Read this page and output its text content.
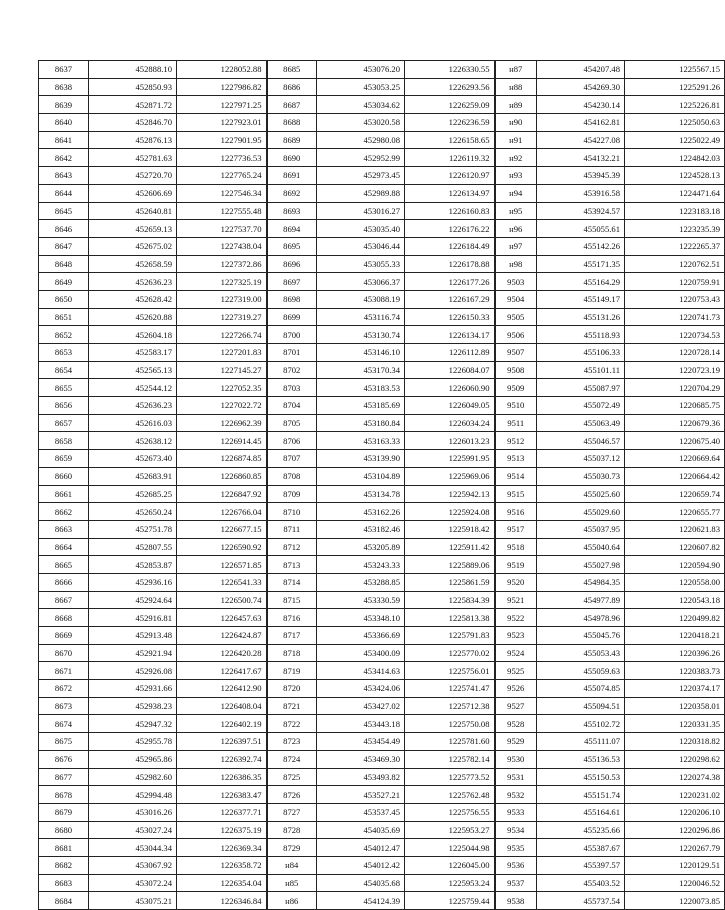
8637	452888.10	1228052.88	8685	453076.20	1226330.55	н87	454207.48	1225567.15
8638	452850.93	1227986.82	8686	453053.25	1226293.56	н88	454269.30	1225291.26
8639	452871.72	1227971.25	8687	453034.62	1226259.09	н89	454230.14	1225226.81
8640	452846.70	1227923.01	8688	453020.58	1226236.59	н90	454162.81	1225050.63
8641	452876.13	1227901.95	8689	452980.08	1226158.65	н91	454227.08	1225022.49
8642	452781.63	1227736.53	8690	452952.99	1226119.32	н92	454132.21	1224842.03
8643	452720.70	1227765.24	8691	452973.45	1226120.97	н93	453945.39	1224528.13
8644	452606.69	1227546.34	8692	452989.88	1226134.97	н94	453916.58	1224471.64
8645	452640.81	1227555.48	8693	453016.27	1226160.83	н95	453924.57	1223183.18
8646	452659.13	1227537.70	8694	453035.40	1226176.22	н96	455055.61	1223235.39
8647	452675.02	1227438.04	8695	453046.44	1226184.49	н97	455142.26	1222265.37
8648	452658.59	1227372.86	8696	453055.33	1226178.88	н98	455171.35	1220762.51
8649	452636.23	1227325.19	8697	453066.37	1226177.26	9503	455164.29	1220759.91
8650	452628.42	1227319.00	8698	453088.19	1226167.29	9504	455149.17	1220753.43
8651	452620.88	1227319.27	8699	453116.74	1226150.33	9505	455131.26	1220741.73
8652	452604.18	1227266.74	8700	453130.74	1226134.17	9506	455118.93	1220734.53
8653	452583.17	1227201.83	8701	453146.10	1226112.89	9507	455106.33	1220728.14
8654	452565.13	1227145.27	8702	453170.34	1226084.07	9508	455101.11	1220723.19
8655	452544.12	1227052.35	8703	453183.53	1226060.90	9509	455087.97	1220704.29
8656	452636.23	1227022.72	8704	453185.69	1226049.05	9510	455072.49	1220685.75
8657	452616.03	1226962.39	8705	453180.84	1226034.24	9511	455063.49	1220679.36
8658	452638.12	1226914.45	8706	453163.33	1226013.23	9512	455046.57	1220675.40
8659	452673.40	1226874.85	8707	453139.90	1225991.95	9513	455037.12	1220669.64
8660	452683.91	1226860.85	8708	453104.89	1225969.06	9514	455030.73	1220664.42
8661	452685.25	1226847.92	8709	453134.78	1225942.13	9515	455025.60	1220659.74
8662	452650.24	1226766.04	8710	453162.26	1225924.08	9516	455029.60	1220655.77
8663	452751.78	1226677.15	8711	453182.46	1225918.42	9517	455037.95	1220621.83
8664	452807.55	1226590.92	8712	453205.89	1225911.42	9518	455040.64	1220607.82
8665	452853.87	1226571.85	8713	453243.33	1225889.06	9519	455027.98	1220594.90
8666	452936.16	1226541.33	8714	453288.85	1225861.59	9520	454984.35	1220558.00
8667	452924.64	1226500.74	8715	453330.59	1225834.39	9521	454977.89	1220543.18
8668	452916.81	1226457.63	8716	453348.10	1225813.38	9522	454978.96	1220499.82
8669	452913.48	1226424.87	8717	453366.69	1225791.83	9523	455045.76	1220418.21
8670	452921.94	1226420.28	8718	453400.09	1225770.02	9524	455053.43	1220396.26
8671	452926.08	1226417.67	8719	453414.63	1225756.01	9525	455059.63	1220383.73
8672	452931.66	1226412.90	8720	453424.06	1225741.47	9526	455074.85	1220374.17
8673	452938.23	1226408.04	8721	453427.02	1225712.38	9527	455094.51	1220358.01
8674	452947.32	1226402.19	8722	453443.18	1225750.08	9528	455102.72	1220331.35
8675	452955.78	1226397.51	8723	453454.49	1225781.60	9529	455111.07	1220318.82
8676	452965.86	1226392.74	8724	453469.30	1225782.14	9530	455136.53	1220298.62
8677	452982.60	1226386.35	8725	453493.82	1225773.52	9531	455150.53	1220274.38
8678	452994.48	1226383.47	8726	453527.21	1225762.48	9532	455151.74	1220231.02
8679	453016.26	1226377.71	8727	453537.45	1225756.55	9533	455164.61	1220206.10
8680	453027.24	1226375.19	8728	454035.69	1225953.27	9534	455235.66	1220296.86
8681	453044.34	1226369.34	8729	454012.47	1225044.98	9535	455387.67	1220267.79
8682	453067.92	1226358.72	н84	454012.42	1226045.00	9536	455397.57	1220129.51
8683	453072.24	1226354.04	н85	454035.68	1225953.24	9537	455403.52	1220046.52
8684	453075.21	1226346.84	н86	454124.39	1225759.44	9538	455737.54	1220073.85
